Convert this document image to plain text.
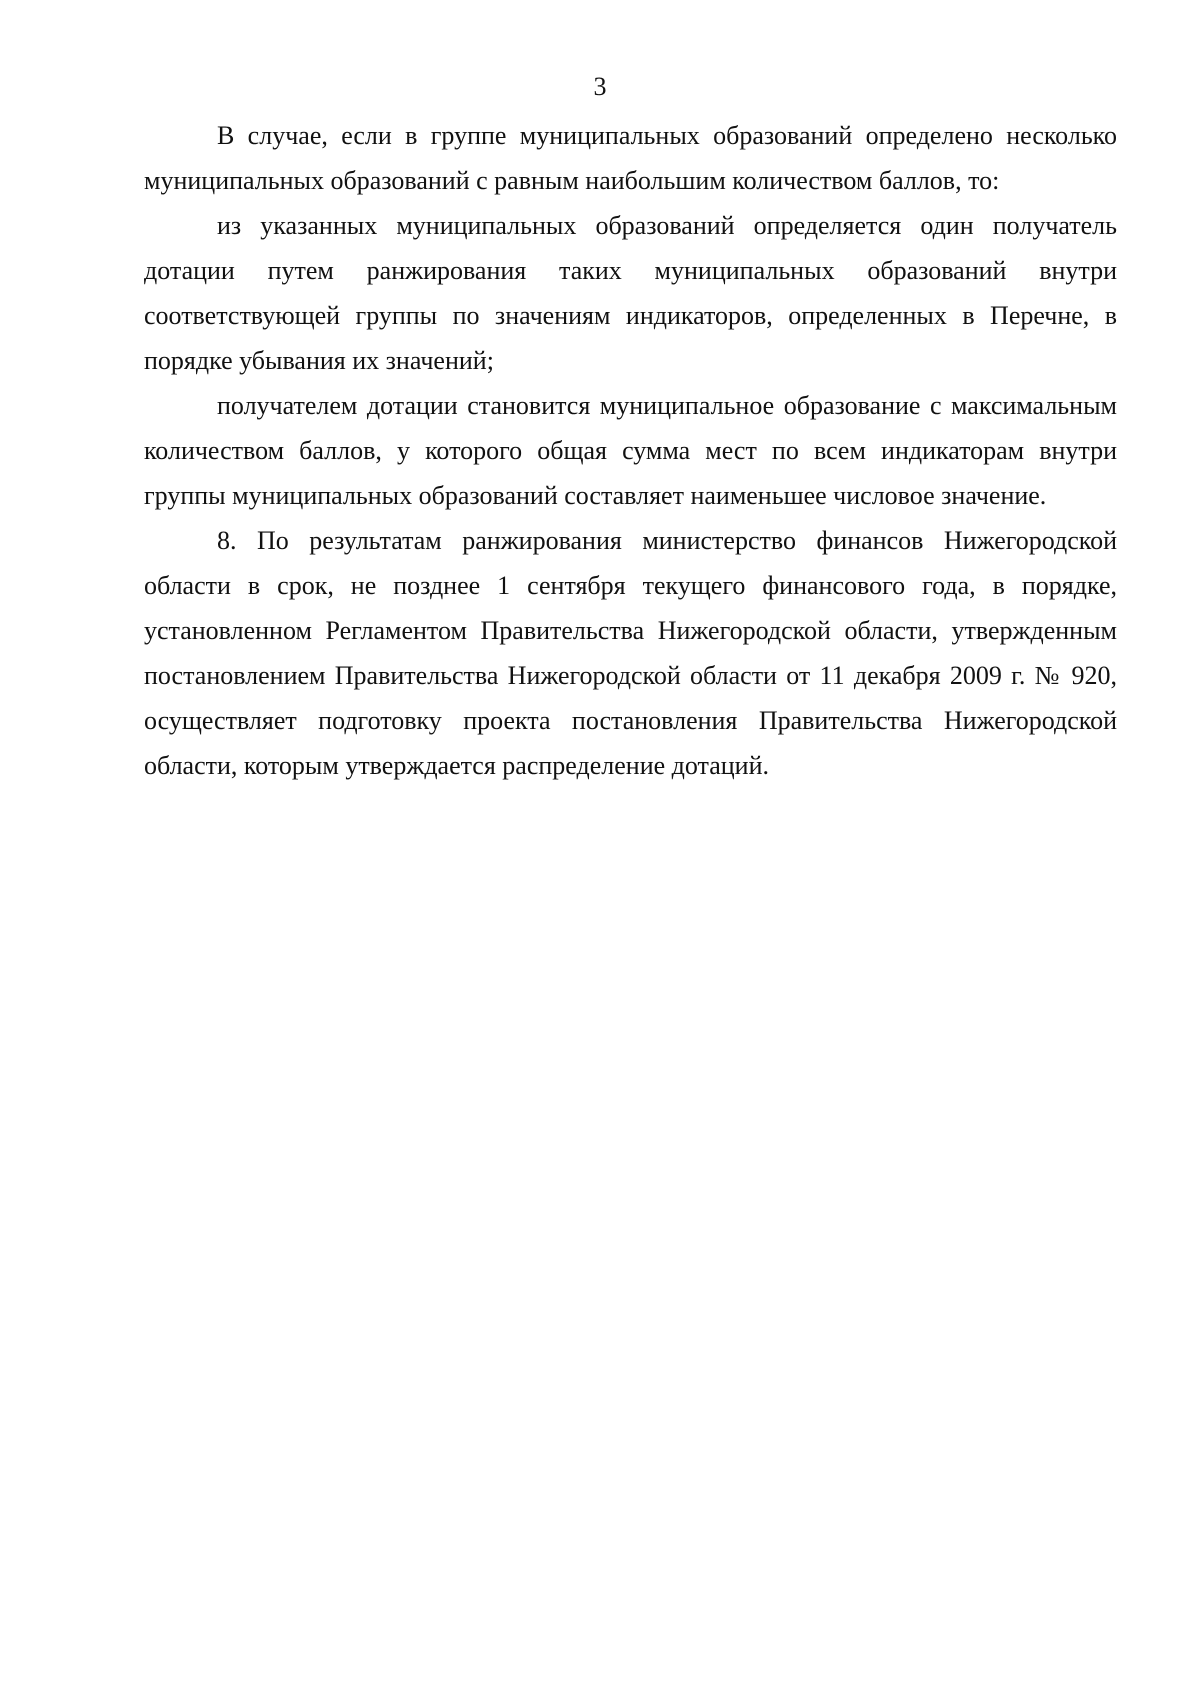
3

В случае, если в группе муниципальных образований определено несколько муниципальных образований с равным наибольшим количеством баллов, то:

из указанных муниципальных образований определяется один получатель дотации путем ранжирования таких муниципальных образований внутри соответствующей группы по значениям индикаторов, определенных в Перечне, в порядке убывания их значений;

получателем дотации становится муниципальное образование с максимальным количеством баллов, у которого общая сумма мест по всем индикаторам внутри группы муниципальных образований составляет наименьшее числовое значение.

8. По результатам ранжирования министерство финансов Нижегородской области в срок, не позднее 1 сентября текущего финансового года, в порядке, установленном Регламентом Правительства Нижегородской области, утвержденным постановлением Правительства Нижегородской области от 11 декабря 2009 г. № 920, осуществляет подготовку проекта постановления Правительства Нижегородской области, которым утверждается распределение дотаций.
